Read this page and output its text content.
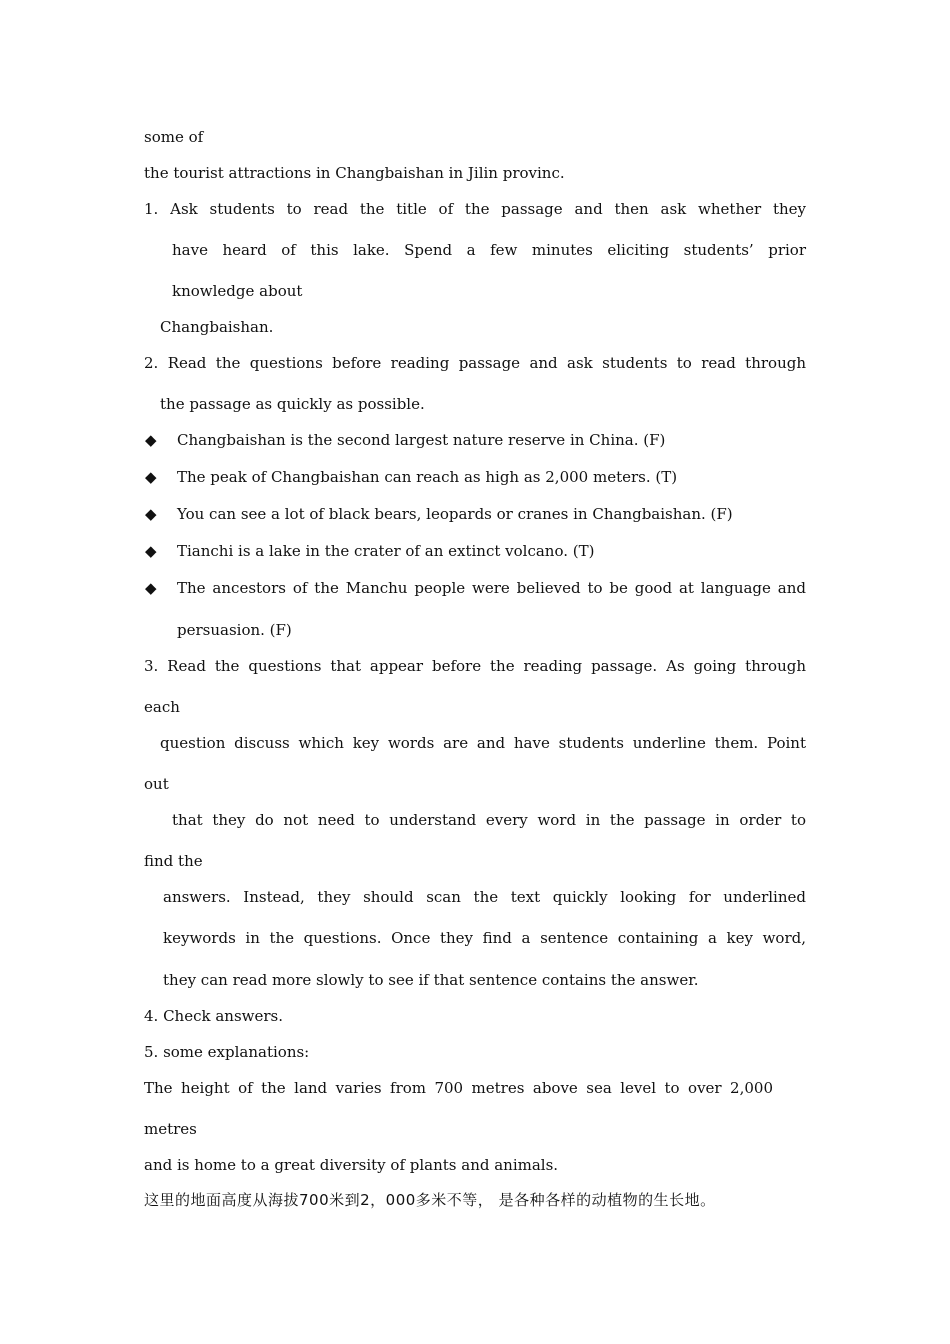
some of
the tourist attractions in Changbaishan in Jilin provinc.
1. Ask students to read the title of the passage and then ask whether they
have heard of this lake. Spend a few minutes eliciting students’ prior
knowledge about
Changbaishan.
2. Read the questions before reading passage and ask students to read through
the passage as quickly as possible.
◆ Changbaishan is the second largest nature reserve in China. (F)
◆ The peak of Changbaishan can reach as high as 2,000 meters. (T)
◆ You can see a lot of black bears, leopards or cranes in Changbaishan. (F)
◆ Tianchi is a lake in the crater of an extinct volcano. (T)
◆ The ancestors of the Manchu people were believed to be good at language and
persuasion. (F)
3. Read the questions that appear before the reading passage. As going through
each
question discuss which key words are and have students underline them. Point
out
that they do not need to understand every word in the passage in order to
find the
answers. Instead, they should scan the text quickly looking for underlined
keywords in the questions. Once they find a sentence containing a key word,
they can read more slowly to see if that sentence contains the answer.
4. Check answers.
5. some explanations:
The height of the land varies from 700 metres above sea level to over 2,000
metres
and is home to a great diversity of plants and animals.
这里的地面高度从海拔700米到2，000多米不等， 是各种各样的动植物的生长地。
